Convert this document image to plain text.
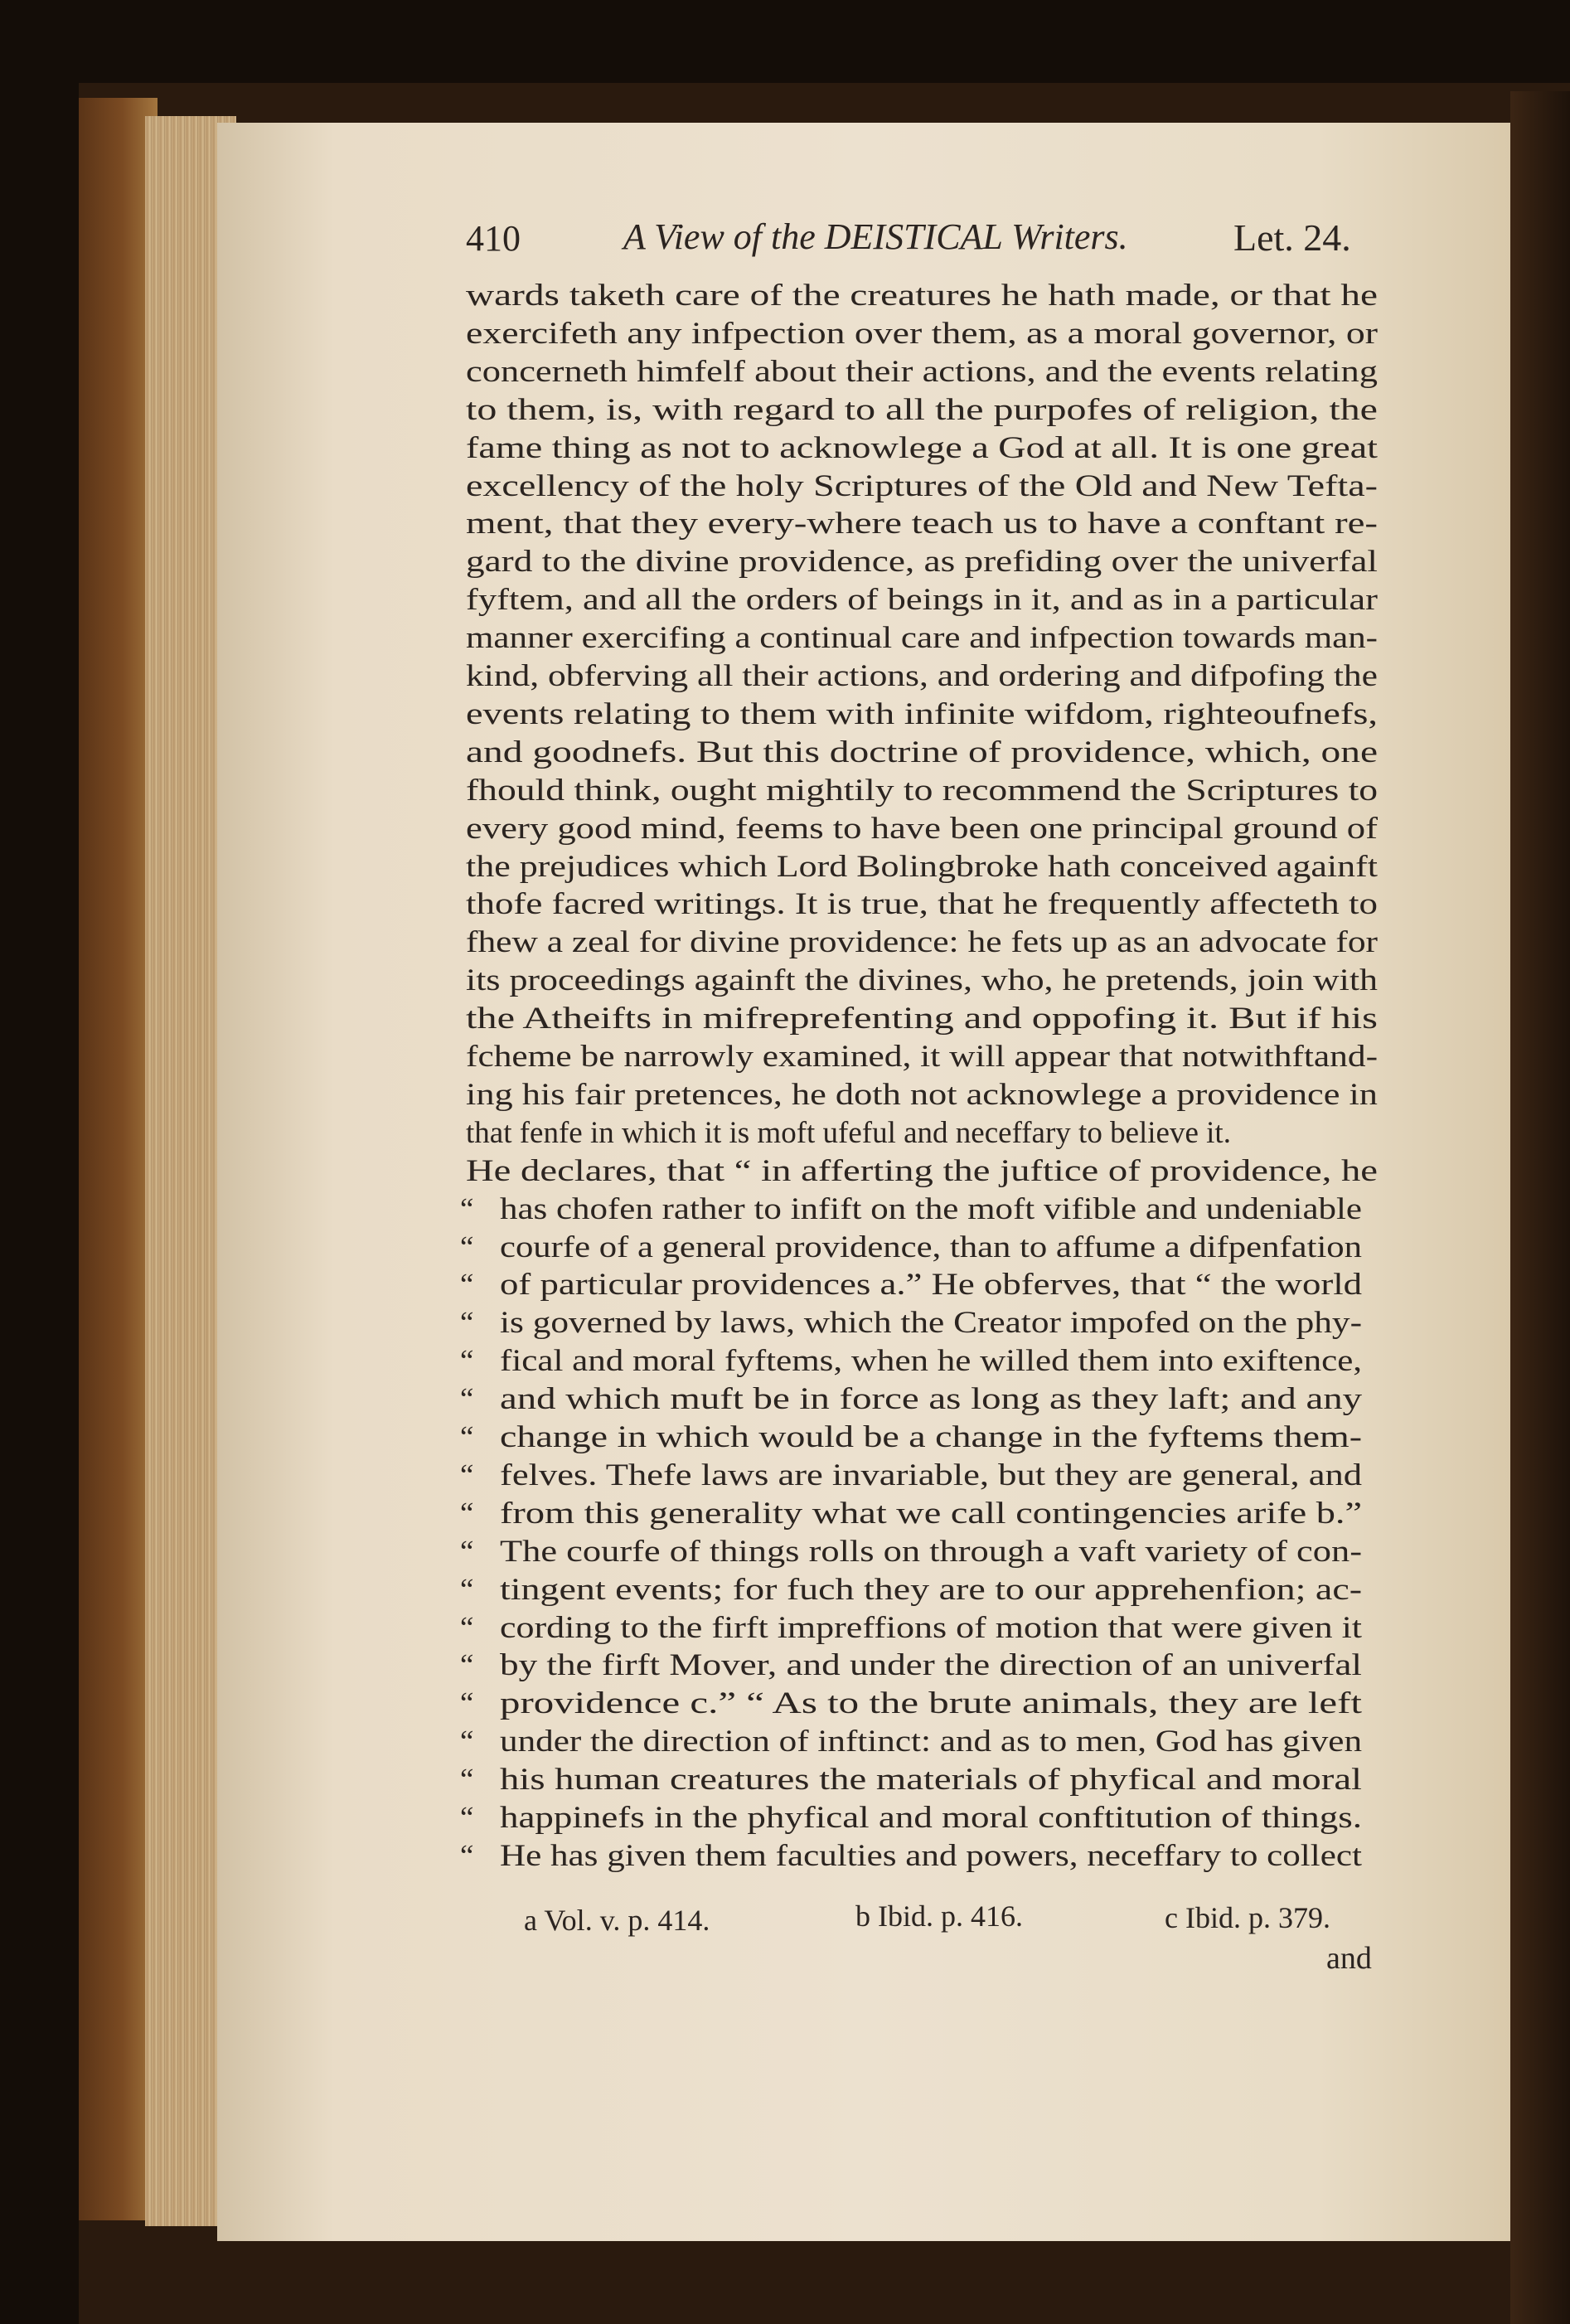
410	A View of the DEISTICAL Writers.	Let. 24.
wards taketh care of the creatures he hath made, or that he
exercifeth any infpection over them, as a moral governor, or
concerneth himfelf about their actions, and the events relating
to them, is, with regard to all the purpofes of religion, the
fame thing as not to acknowlege a God at all. It is one great
excellency of the holy Scriptures of the Old and New Tefta-
ment, that they every-where teach us to have a conftant re-
gard to the divine providence, as prefiding over the univerfal
fyftem, and all the orders of beings in it, and as in a particular
manner exercifing a continual care and infpection towards man-
kind, obferving all their actions, and ordering and difpofing the
events relating to them with infinite wifdom, righteoufnefs,
and goodnefs. But this doctrine of providence, which, one
fhould think, ought mightily to recommend the Scriptures to
every good mind, feems to have been one principal ground of
the prejudices which Lord Bolingbroke hath conceived againft
thofe facred writings. It is true, that he frequently affecteth to
fhew a zeal for divine providence: he fets up as an advocate for
its proceedings againft the divines, who, he pretends, join with
the Atheifts in mifreprefenting and oppofing it. But if his
fcheme be narrowly examined, it will appear that notwithftand-
ing his fair pretences, he doth not acknowlege a providence in
that fenfe in which it is moft ufeful and neceffary to believe it.
He declares, that “ in afferting the juftice of providence, he
“ has chofen rather to infift on the moft vifible and undeniable
“ courfe of a general providence, than to affume a difpenfation
“ of particular providences a.” He obferves, that “ the world
“ is governed by laws, which the Creator impofed on the phy-
“ fical and moral fyftems, when he willed them into exiftence,
“ and which muft be in force as long as they laft; and any
“ change in which would be a change in the fyftems them-
“ felves. Thefe laws are invariable, but they are general, and
“ from this generality what we call contingencies arife b.”
“ The courfe of things rolls on through a vaft variety of con-
“ tingent events; for fuch they are to our apprehenfion; ac-
“ cording to the firft impreffions of motion that were given it
“ by the firft Mover, and under the direction of an univerfal
“ providence c.” “ As to the brute animals, they are left
“ under the direction of inftinct: and as to men, God has given
“ his human creatures the materials of phyfical and moral
“ happinefs in the phyfical and moral conftitution of things.
“ He has given them faculties and powers, neceffary to collect
a Vol. v. p. 414.	b Ibid. p. 416.	c Ibid. p. 379.
and
